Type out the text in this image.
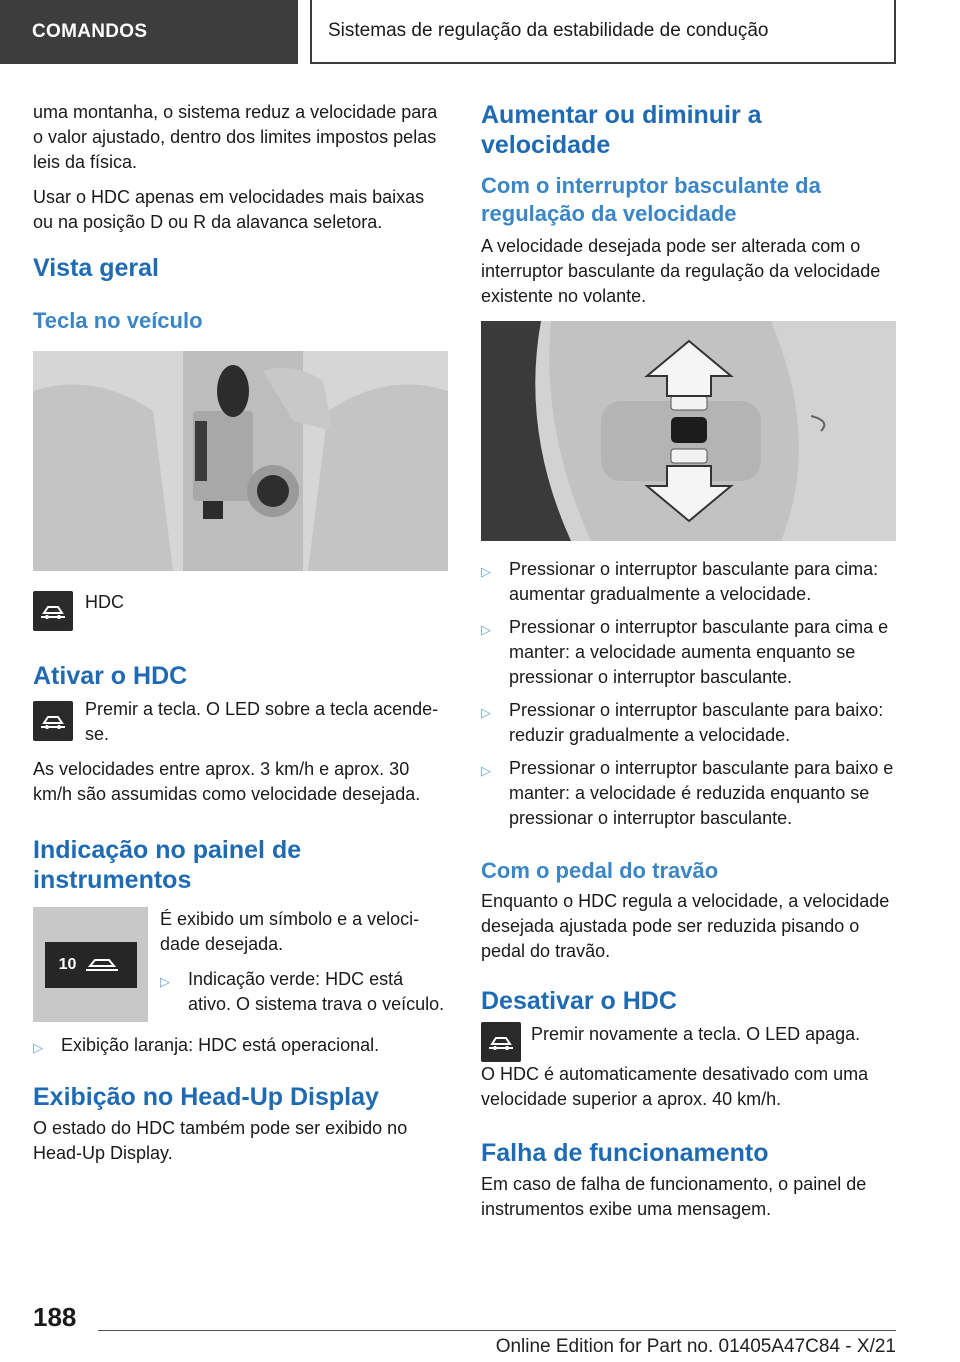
COMANDOS	Sistemas de regulação da estabilidade de condução

uma montanha, o sistema reduz a velocidade para o valor ajustado, dentro dos limites impostos pelas leis da física.

Usar o HDC apenas em velocidades mais baixas ou na posição D ou R da alavanca seletora.

Vista geral
Tecla no veículo
HDC
Ativar o HDC

Premir a tecla. O LED sobre a tecla acende-se.

As velocidades entre aprox. 3 km/h e aprox. 30 km/h são assumidas como velocidade desejada.

Indicação no painel de instrumentos
10

É exibido um símbolo e a velocidade desejada.

▷	Indicação verde: HDC está ativo. O sistema trava o veículo.
▷	Exibição laranja: HDC está operacional.
Exibição no Head-Up Display

O estado do HDC também pode ser exibido no Head-Up Display.

Aumentar ou diminuir a velocidade
Com o interruptor basculante da regulação da velocidade

A velocidade desejada pode ser alterada com o interruptor basculante da regulação da velocidade existente no volante.

▷	Pressionar o interruptor basculante para cima: aumentar gradualmente a velocidade.
▷	Pressionar o interruptor basculante para cima e manter: a velocidade aumenta enquanto se pressionar o interruptor basculante.
▷	Pressionar o interruptor basculante para baixo: reduzir gradualmente a velocidade.
▷	Pressionar o interruptor basculante para baixo e manter: a velocidade é reduzida enquanto se pressionar o interruptor basculante.
Com o pedal do travão

Enquanto o HDC regula a velocidade, a velocidade desejada ajustada pode ser reduzida pisando o pedal do travão.

Desativar o HDC

Premir novamente a tecla. O LED apaga.

O HDC é automaticamente desativado com uma velocidade superior a aprox. 40 km/h.

Falha de funcionamento

Em caso de falha de funcionamento, o painel de instrumentos exibe uma mensagem.

188
Online Edition for Part no. 01405A47C84 - X/21
